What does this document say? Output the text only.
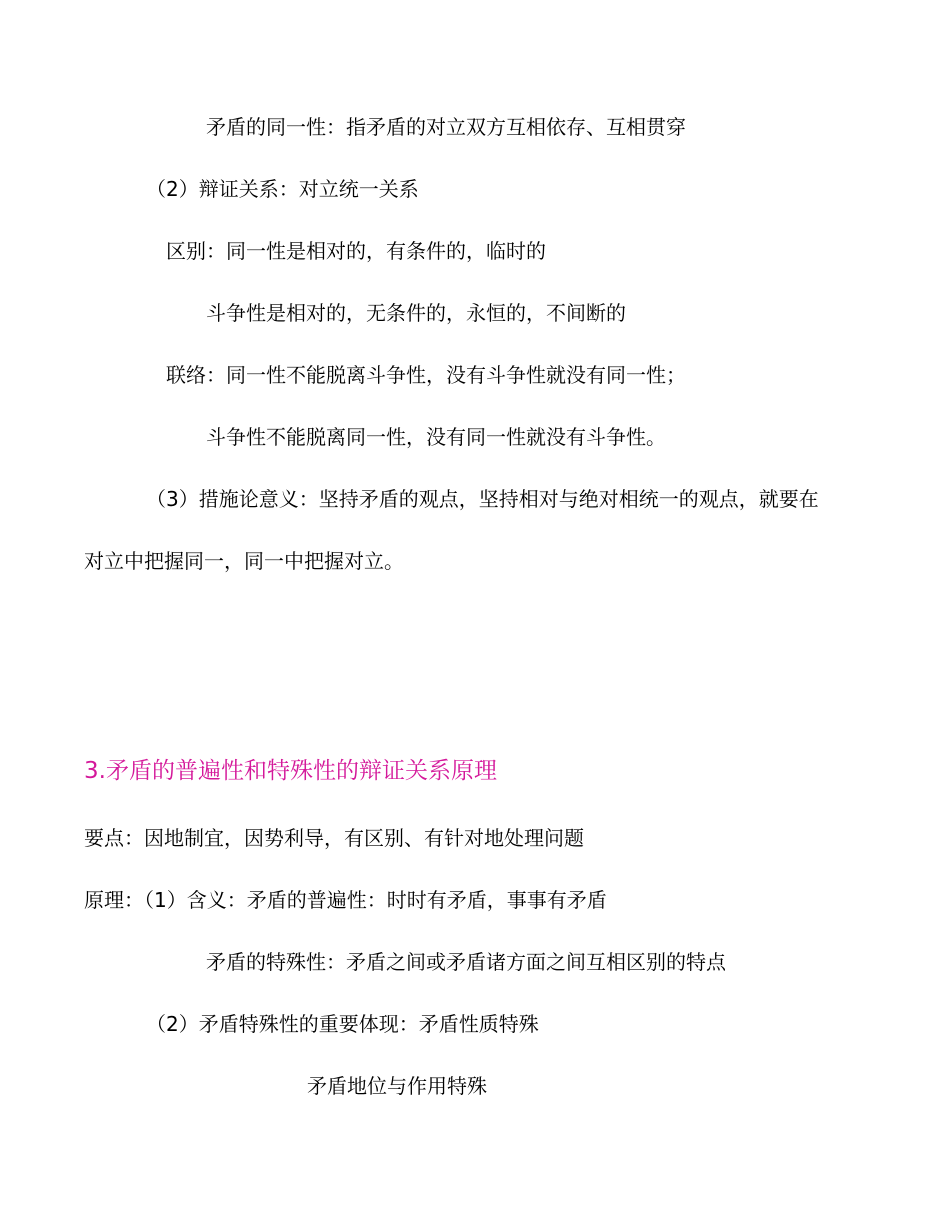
矛盾的同一性：指矛盾的对立双方互相依存、互相贯穿
（2）辩证关系：对立统一关系
区别：同一性是相对的，有条件的，临时的
斗争性是相对的，无条件的，永恒的，不间断的
联络：同一性不能脱离斗争性，没有斗争性就没有同一性；
斗争性不能脱离同一性，没有同一性就没有斗争性。
（3）措施论意义：坚持矛盾的观点，坚持相对与绝对相统一的观点，就要在
对立中把握同一，同一中把握对立。
3.矛盾的普遍性和特殊性的辩证关系原理
要点：因地制宜，因势利导，有区别、有针对地处理问题
原理：（1）含义：矛盾的普遍性：时时有矛盾，事事有矛盾
矛盾的特殊性：矛盾之间或矛盾诸方面之间互相区别的特点
（2）矛盾特殊性的重要体现：矛盾性质特殊
矛盾地位与作用特殊
